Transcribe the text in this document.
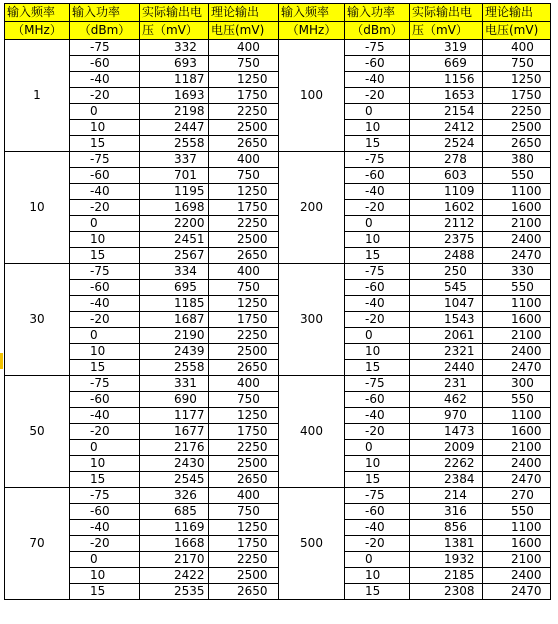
输入频率	输入功率	实际输出电	理论输出	输入频率	输入功率	实际输出电	理论输出
（MHz）	（dBm）	压（mV）	电压(mV)	（MHz）	（dBm）	压（mV）	电压(mV)
1	-75	332	400	100	-75	319	400
	-60	693	750		-60	669	750
	-40	1187	1250		-40	1156	1250
	-20	1693	1750		-20	1653	1750
	0	2198	2250		0	2154	2250
	10	2447	2500		10	2412	2500
	15	2558	2650		15	2524	2650
10	-75	337	400	200	-75	278	380
	-60	701	750		-60	603	550
	-40	1195	1250		-40	1109	1100
	-20	1698	1750		-20	1602	1600
	0	2200	2250		0	2112	2100
	10	2451	2500		10	2375	2400
	15	2567	2650		15	2488	2470
30	-75	334	400	300	-75	250	330
	-60	695	750		-60	545	550
	-40	1185	1250		-40	1047	1100
	-20	1687	1750		-20	1543	1600
	0	2190	2250		0	2061	2100
	10	2439	2500		10	2321	2400
	15	2558	2650		15	2440	2470
50	-75	331	400	400	-75	231	300
	-60	690	750		-60	462	550
	-40	1177	1250		-40	970	1100
	-20	1677	1750		-20	1473	1600
	0	2176	2250		0	2009	2100
	10	2430	2500		10	2262	2400
	15	2545	2650		15	2384	2470
70	-75	326	400	500	-75	214	270
	-60	685	750		-60	316	550
	-40	1169	1250		-40	856	1100
	-20	1668	1750		-20	1381	1600
	0	2170	2250		0	1932	2100
	10	2422	2500		10	2185	2400
	15	2535	2650		15	2308	2470
